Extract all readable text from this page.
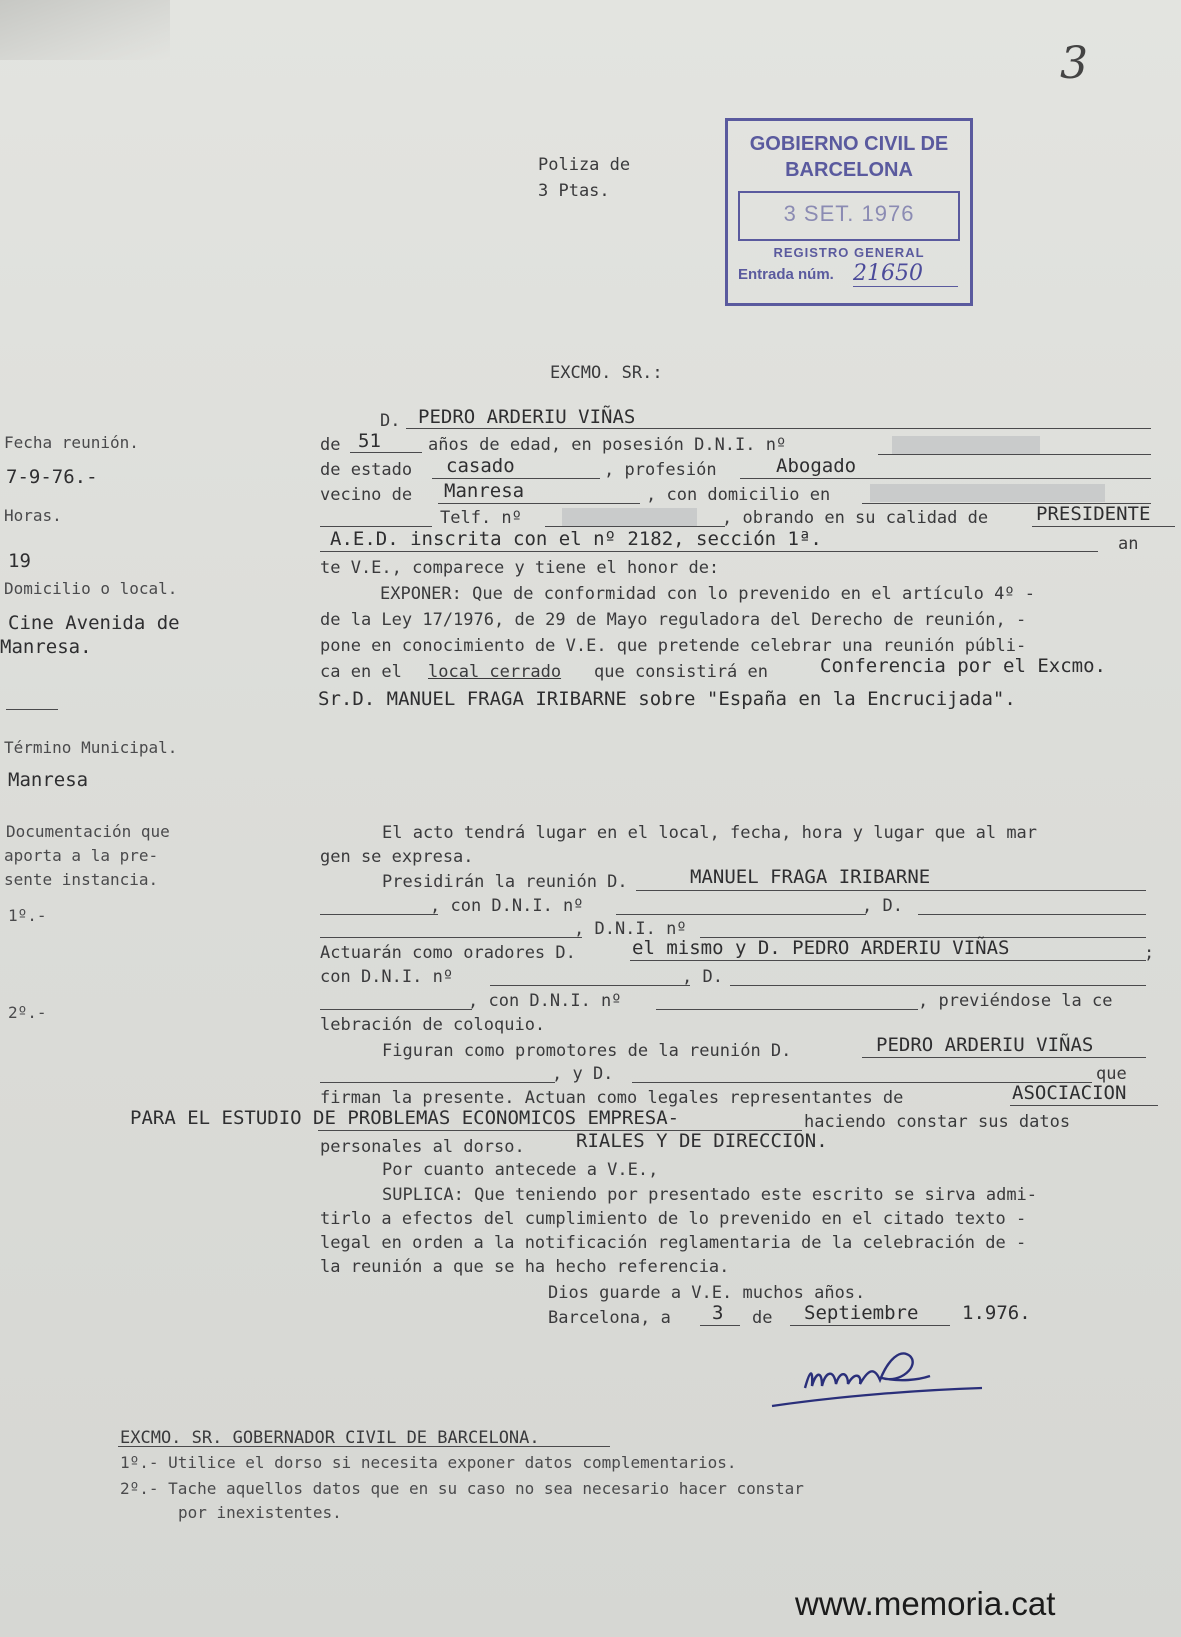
3
Poliza de
3 Ptas.
GOBIERNO CIVIL DE
BARCELONA
3 SET. 1976
REGISTRO GENERAL
Entrada núm. 21650
EXCMO. SR.:
Fecha reunión.
7-9-76.-
Horas.
19
Domicilio o local.
Cine Avenida de
Manresa.
Término Municipal.
Manresa
Documentación que
aporta a la pre-
sente instancia.
1º.-
2º.-
D. PEDRO ARDERIU VIÑAS
de 51	años de edad, en posesión D.N.I. nº
de estado casado	, profesión	Abogado
vecino de Manresa	, con domicilio en
Telf. nº	, obrando en su calidad de	PRESIDENTE
A.E.D. inscrita con el nº 2182, sección 1ª.	an
te V.E., comparece y tiene el honor de:
EXPONER: Que de conformidad con lo prevenido en el artículo 4º -
de la Ley 17/1976, de 29 de Mayo reguladora del Derecho de reunión, -
pone en conocimiento de V.E. que pretende celebrar una reunión públi-
ca en el local cerrado que consistirá en	Conferencia por el Excmo.
Sr.D. MANUEL FRAGA IRIBARNE sobre "España en la Encrucijada".
El acto tendrá lugar en el local, fecha, hora y lugar que al mar
gen se expresa.
Presidirán la reunión D.	MANUEL FRAGA IRIBARNE
, con D.N.I. nº	, D.
, D.N.I. nº
Actuarán como oradores D.	el mismo y D. PEDRO ARDERIU VIÑAS	;
con D.N.I. nº	, D.
, con D.N.I. nº	, previéndose la ce
lebración de coloquio.
Figuran como promotores de la reunión D.	PEDRO ARDERIU VIÑAS
, y D.	que
firman la presente. Actuan como legales representantes de	ASOCIACION
PARA EL ESTUDIO DE PROBLEMAS ECONOMICOS EMPRESA-	haciendo constar sus datos
personales al dorso.	RIALES Y DE DIRECCION.
Por cuanto antecede a V.E.,
SUPLICA: Que teniendo por presentado este escrito se sirva admi-
tirlo a efectos del cumplimiento de lo prevenido en el citado texto -
legal en orden a la notificación reglamentaria de la celebración de -
la reunión a que se ha hecho referencia.
Dios guarde a V.E. muchos años.
Barcelona, a 3 de Septiembre 1.976.
EXCMO. SR. GOBERNADOR CIVIL DE BARCELONA.
1º.- Utilice el dorso si necesita exponer datos complementarios.
2º.- Tache aquellos datos que en su caso no sea necesario hacer constar
por inexistentes.
www.memoria.cat
